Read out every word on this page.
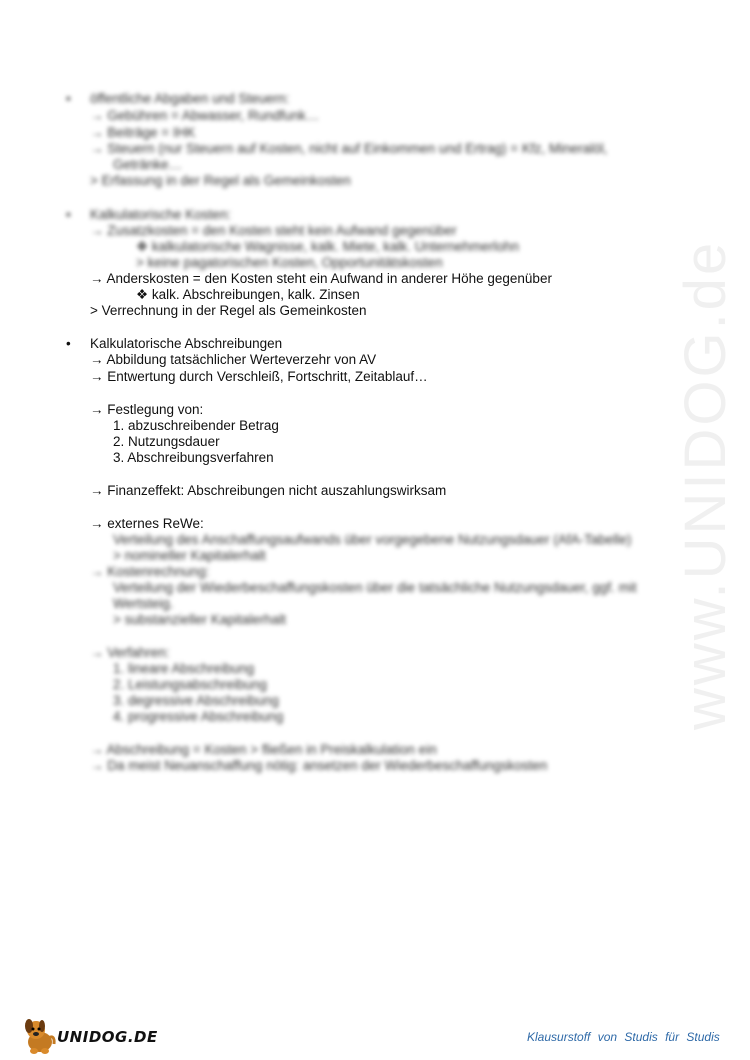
www.UNIDOG.de
• öffentliche Abgaben und Steuern:
→ Gebühren = Abwasser, Rundfunk…
→ Beiträge = IHK
→ Steuern (nur Steuern auf Kosten, nicht auf Einkommen und Ertrag) = Kfz, Mineralöl,
Getränke…
> Erfassung in der Regel als Gemeinkosten
• Kalkulatorische Kosten:
→ Zusatzkosten = den Kosten steht kein Aufwand gegenüber
❖ kalkulatorische Wagnisse, kalk. Miete, kalk. Unternehmerlohn
> keine pagatorischen Kosten, Opportunitätskosten
→ Anderskosten = den Kosten steht ein Aufwand in anderer Höhe gegenüber
❖ kalk. Abschreibungen, kalk. Zinsen
> Verrechnung in der Regel als Gemeinkosten
• Kalkulatorische Abschreibungen
→ Abbildung tatsächlicher Werteverzehr von AV
→ Entwertung durch Verschleiß, Fortschritt, Zeitablauf…
→ Festlegung von:
1. abzuschreibender Betrag
2. Nutzungsdauer
3. Abschreibungsverfahren
→ Finanzeffekt: Abschreibungen nicht auszahlungswirksam
→ externes ReWe:
Verteilung des Anschaffungsaufwands über vorgegebene Nutzungsdauer (AfA-Tabelle)
> nomineller Kapitalerhalt
→ Kostenrechnung:
Verteilung der Wiederbeschaffungskosten über die tatsächliche Nutzungsdauer, ggf. mit
Wertsteig.
> substanzieller Kapitalerhalt
→ Verfahren:
1. lineare Abschreibung
2. Leistungsabschreibung
3. degressive Abschreibung
4. progressive Abschreibung
→ Abschreibung = Kosten > fließen in Preiskalkulation ein
→ Da meist Neuanschaffung nötig: ansetzen der Wiederbeschaffungskosten
UNIDOG.DE	Klausurstoff von Studis für Studis
